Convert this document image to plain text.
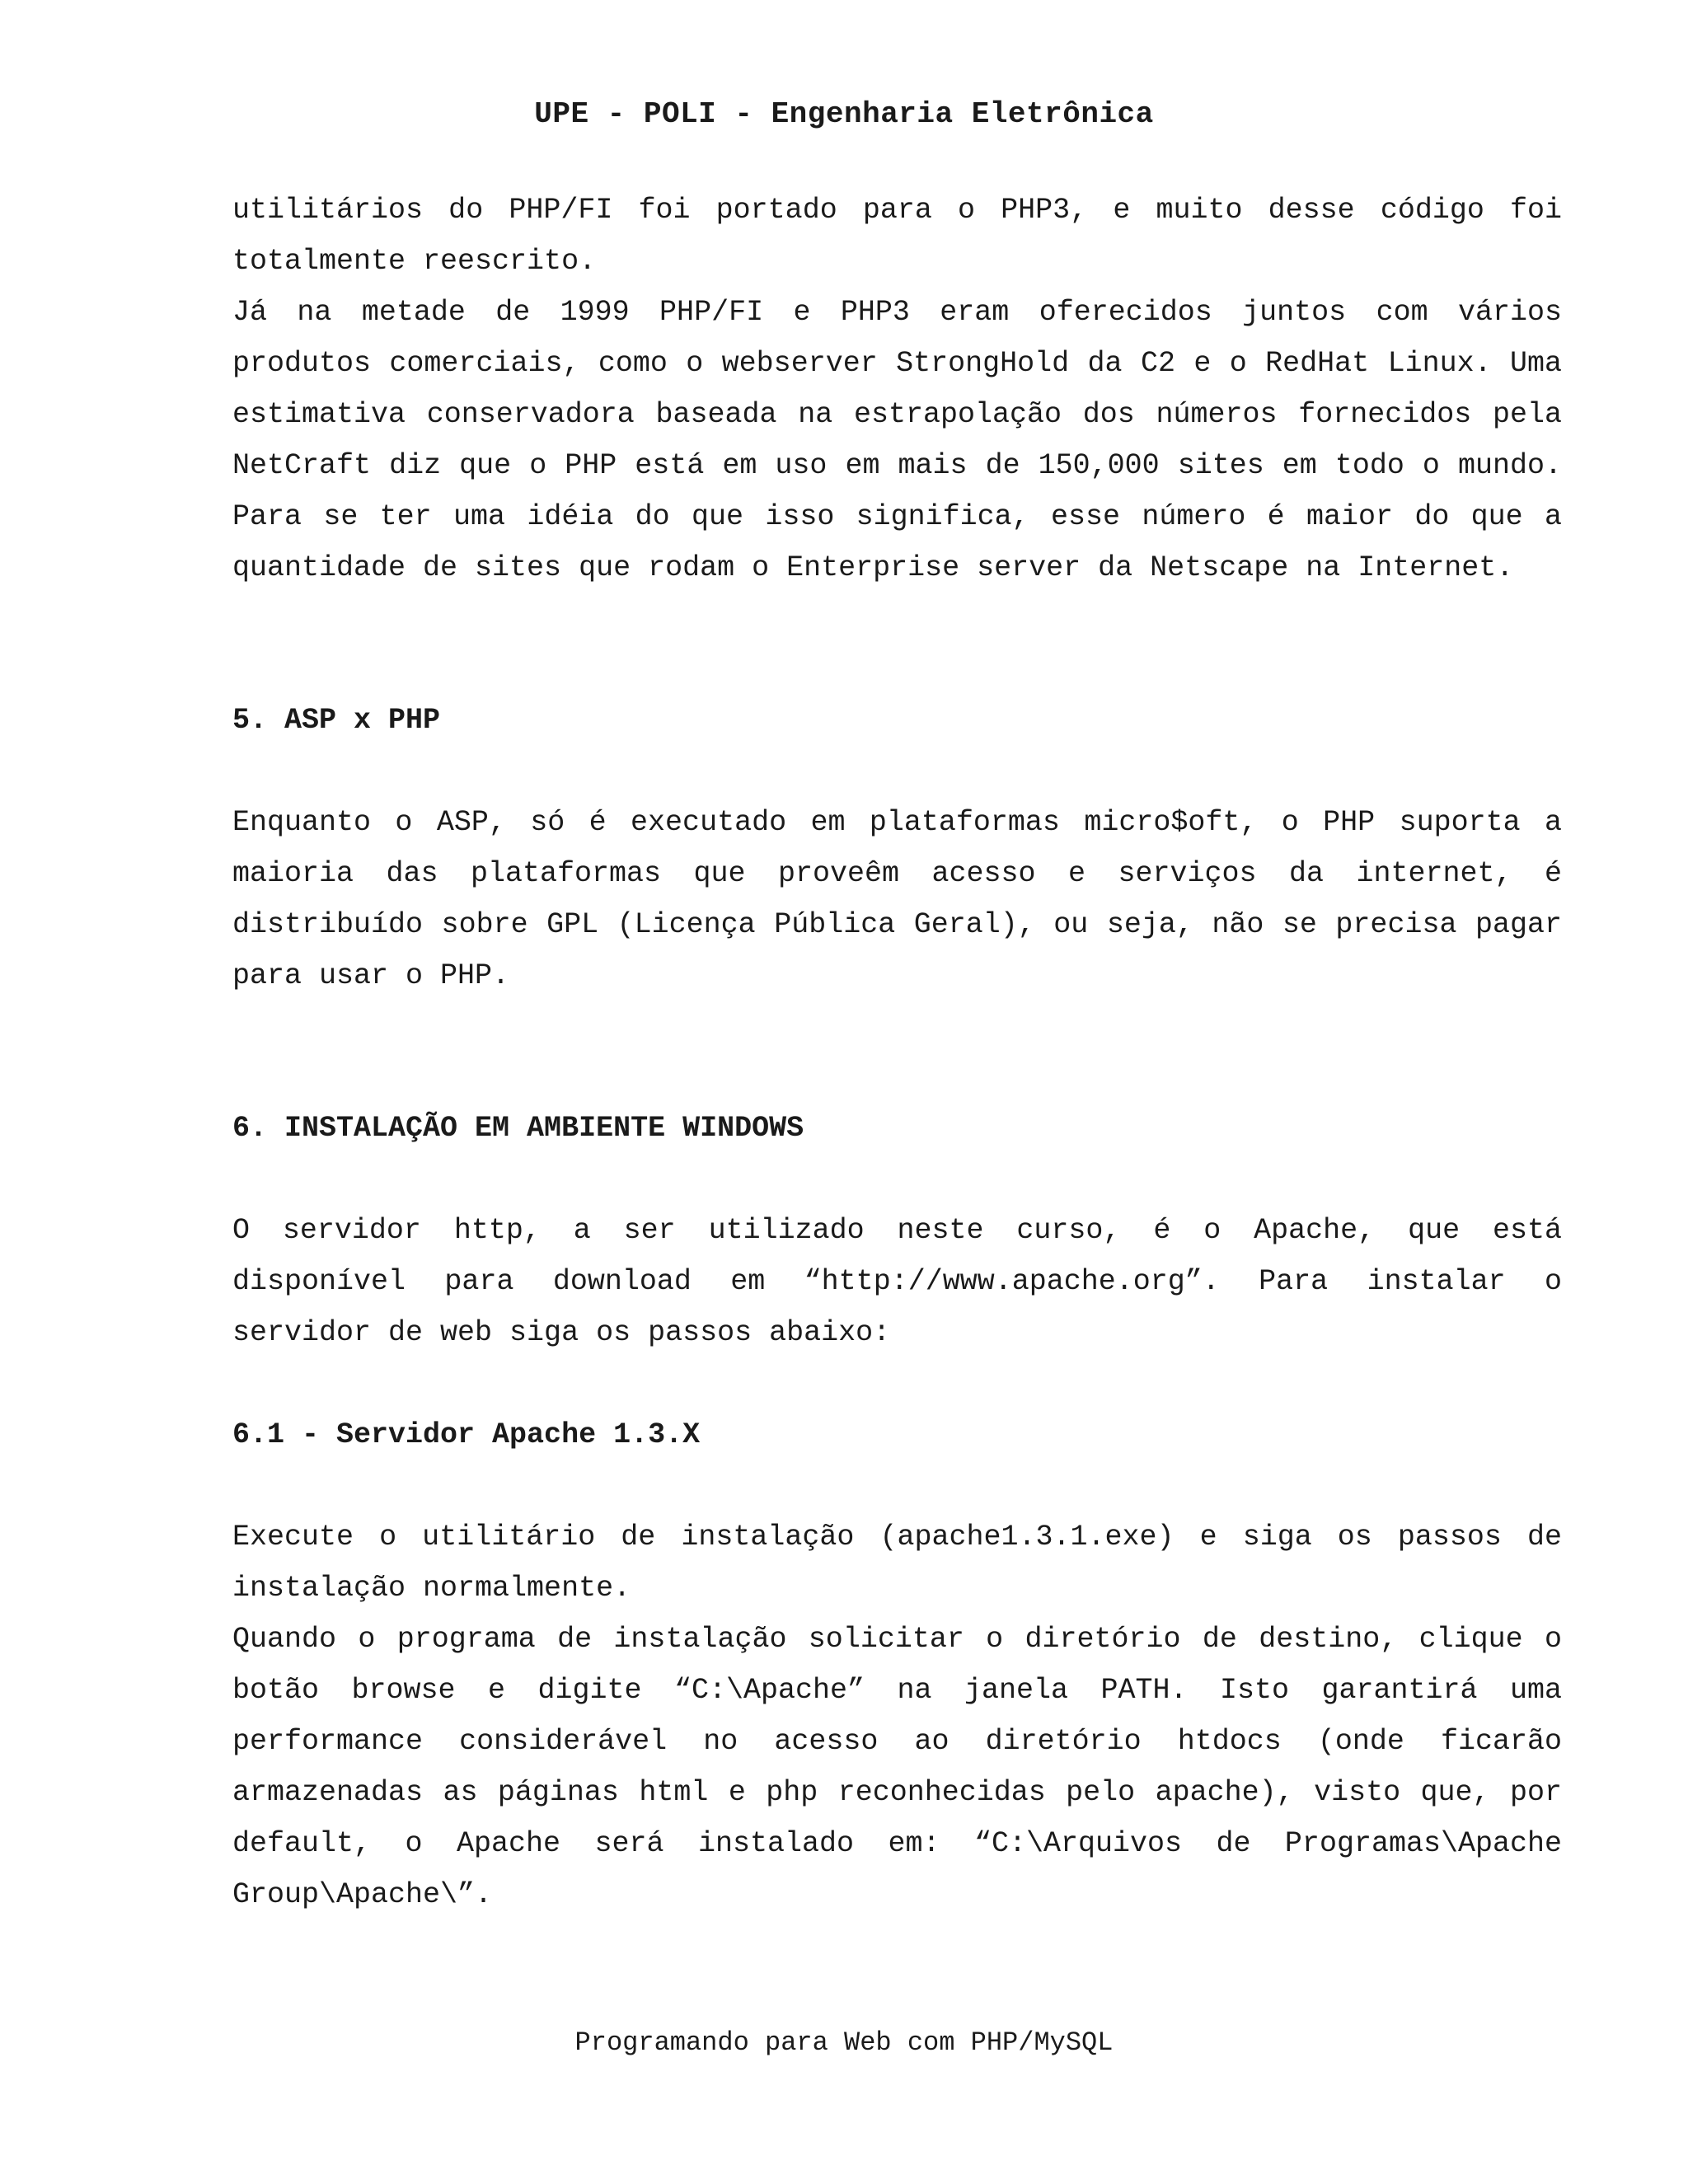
UPE - POLI - Engenharia Eletrônica

utilitários do PHP/FI foi portado para o PHP3, e muito desse código foi totalmente reescrito.

Já na metade de 1999 PHP/FI e PHP3 eram oferecidos juntos com vários produtos comerciais, como o webserver StrongHold da C2 e o RedHat Linux. Uma estimativa conservadora baseada na estrapolação dos números fornecidos pela NetCraft diz que o PHP está em uso em mais de 150,000 sites em todo o mundo. Para se ter uma idéia do que isso significa, esse número é maior do que a quantidade de sites que rodam o Enterprise server da Netscape na Internet.

5. ASP x PHP

Enquanto o ASP, só é executado em plataformas micro$oft, o PHP suporta a maioria das plataformas que proveêm acesso e serviços da internet, é distribuído sobre GPL (Licença Pública Geral), ou seja, não se precisa pagar para usar o PHP.

6. INSTALAÇÃO EM AMBIENTE WINDOWS

O servidor http, a ser utilizado neste curso, é o Apache, que está disponível para download em “http://www.apache.org”. Para instalar o servidor de web siga os passos abaixo:

6.1 - Servidor Apache 1.3.X

Execute o utilitário de instalação (apache1.3.1.exe) e siga os passos de instalação normalmente.

Quando o programa de instalação solicitar o diretório de destino, clique o botão browse e digite “C:\Apache” na janela PATH. Isto garantirá uma performance considerável no acesso ao diretório htdocs (onde ficarão armazenadas as páginas html e php reconhecidas pelo apache), visto que, por default, o Apache será instalado em: “C:\Arquivos de Programas\Apache Group\Apache\”.

Programando para Web com PHP/MySQL
